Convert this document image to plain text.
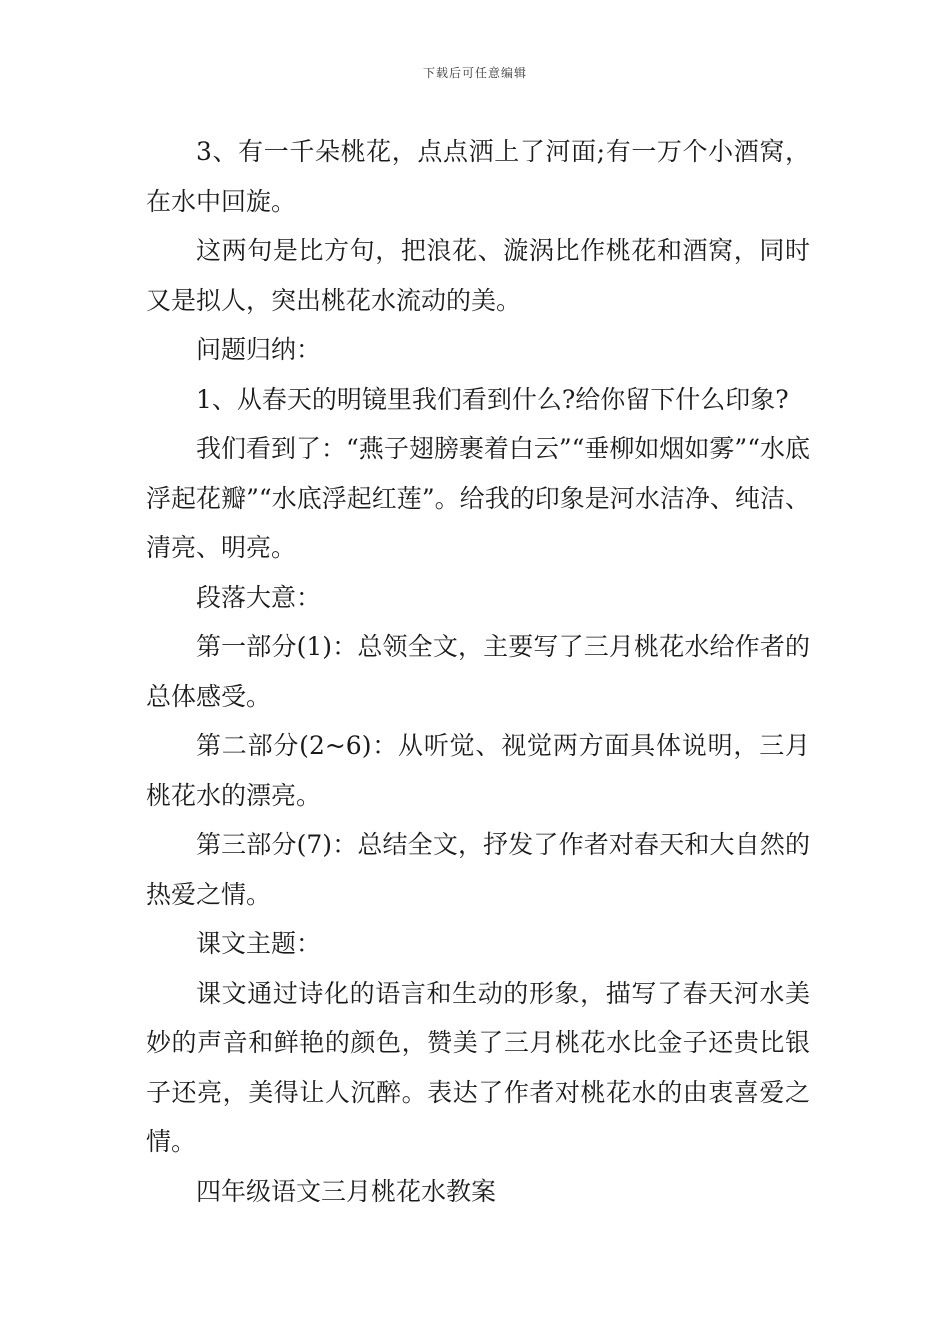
下载后可任意编辑

3、有一千朵桃花，点点洒上了河面;有一万个小酒窝，在水中回旋。

这两句是比方句，把浪花、漩涡比作桃花和酒窝，同时又是拟人，突出桃花水流动的美。

问题归纳：

1、从春天的明镜里我们看到什么?给你留下什么印象?

我们看到了：“燕子翅膀裹着白云”“垂柳如烟如雾”“水底浮起花瓣”“水底浮起红莲”。给我的印象是河水洁净、纯洁、清亮、明亮。

段落大意：

第一部分(1)：总领全文，主要写了三月桃花水给作者的总体感受。

第二部分(2~6)：从听觉、视觉两方面具体说明，三月桃花水的漂亮。

第三部分(7)：总结全文，抒发了作者对春天和大自然的热爱之情。

课文主题：

课文通过诗化的语言和生动的形象，描写了春天河水美妙的声音和鲜艳的颜色，赞美了三月桃花水比金子还贵比银子还亮，美得让人沉醉。表达了作者对桃花水的由衷喜爱之情。

四年级语文三月桃花水教案
